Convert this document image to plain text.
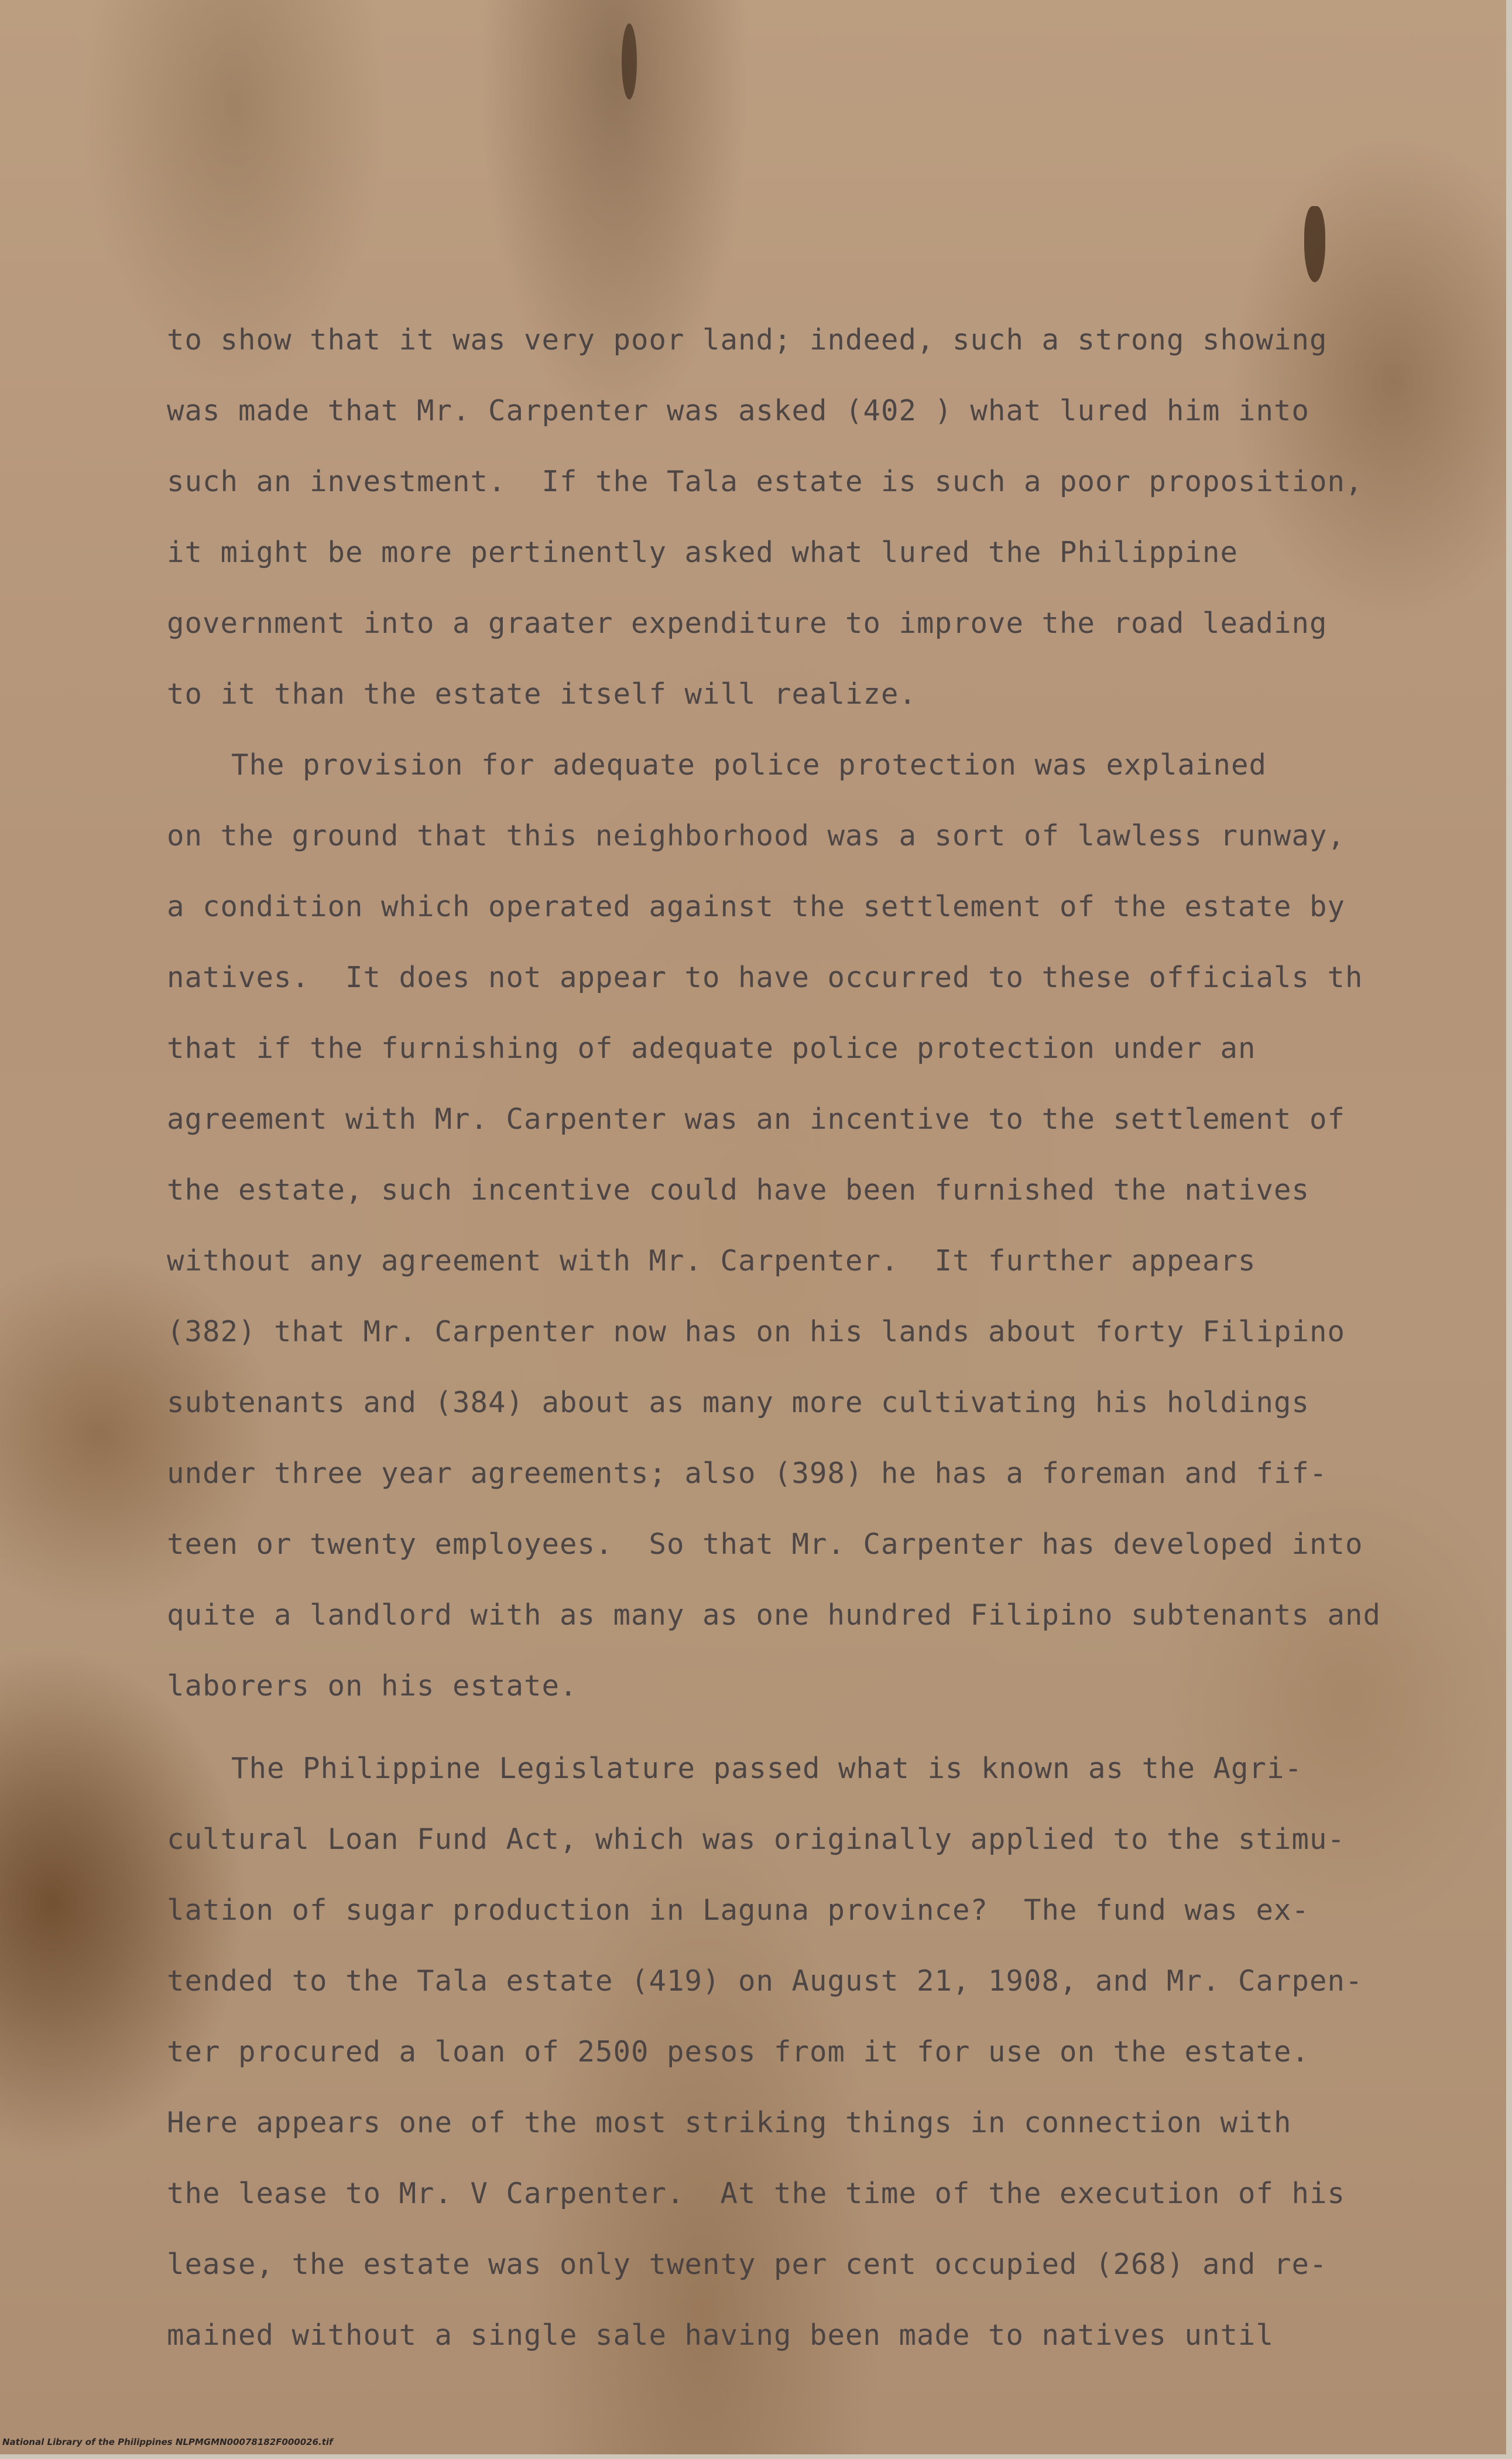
to show that it was very poor land; indeed, such a strong showing
was made that Mr. Carpenter was asked (402 ) what lured him into
such an investment.  If the Tala estate is such a poor proposition,
it might be more pertinently asked what lured the Philippine
government into a graater expenditure to improve the road leading
to it than the estate itself will realize.
The provision for adequate police protection was explained
on the ground that this neighborhood was a sort of lawless runway,
a condition which operated against the settlement of the estate by
natives.  It does not appear to have occurred to these officials th
that if the furnishing of adequate police protection under an
agreement with Mr. Carpenter was an incentive to the settlement of
the estate, such incentive could have been furnished the natives
without any agreement with Mr. Carpenter.  It further appears
(382) that Mr. Carpenter now has on his lands about forty Filipino
subtenants and (384) about as many more cultivating his holdings
under three year agreements; also (398) he has a foreman and fif-
teen or twenty employees.  So that Mr. Carpenter has developed into
quite a landlord with as many as one hundred Filipino subtenants and
laborers on his estate.
The Philippine Legislature passed what is known as the Agri-
cultural Loan Fund Act, which was originally applied to the stimu-
lation of sugar production in Laguna province?  The fund was ex-
tended to the Tala estate (419) on August 21, 1908, and Mr. Carpen-
ter procured a loan of 2500 pesos from it for use on the estate.
Here appears one of the most striking things in connection with
the lease to Mr. V Carpenter.  At the time of the execution of his
lease, the estate was only twenty per cent occupied (268) and re-
mained without a single sale having been made to natives until
National Library of the Philippines NLPMGMN00078182F000026.tif
